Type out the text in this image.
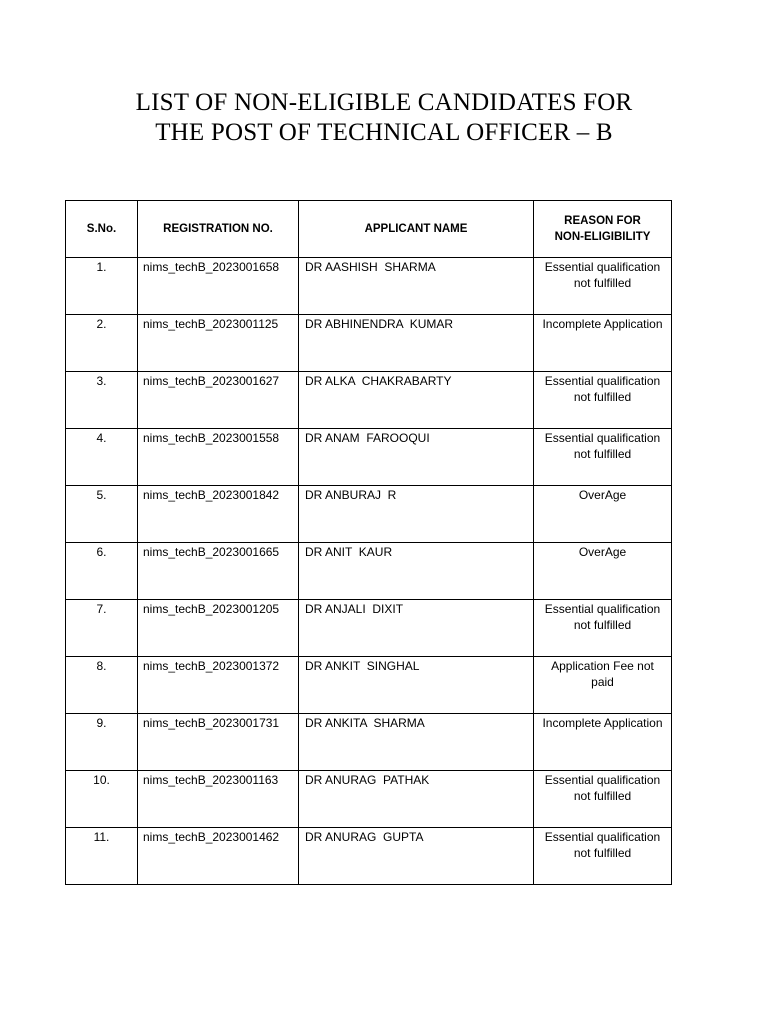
LIST OF NON-ELIGIBLE CANDIDATES FOR
THE POST OF TECHNICAL OFFICER – B
S.No.	REGISTRATION NO.	APPLICANT NAME	REASON FOR
NON-ELIGIBILITY

1.	nims_techB_2023001658	DR AASHISH  SHARMA	Essential qualification not fulfilled
2.	nims_techB_2023001125	DR ABHINENDRA  KUMAR	Incomplete Application
3.	nims_techB_2023001627	DR ALKA  CHAKRABARTY	Essential qualification not fulfilled
4.	nims_techB_2023001558	DR ANAM  FAROOQUI	Essential qualification not fulfilled
5.	nims_techB_2023001842	DR ANBURAJ  R	OverAge
6.	nims_techB_2023001665	DR ANIT  KAUR	OverAge
7.	nims_techB_2023001205	DR ANJALI  DIXIT	Essential qualification not fulfilled
8.	nims_techB_2023001372	DR ANKIT  SINGHAL	Application Fee not paid
9.	nims_techB_2023001731	DR ANKITA  SHARMA	Incomplete Application
10.	nims_techB_2023001163	DR ANURAG  PATHAK	Essential qualification not fulfilled
11.	nims_techB_2023001462	DR ANURAG  GUPTA	Essential qualification not fulfilled
